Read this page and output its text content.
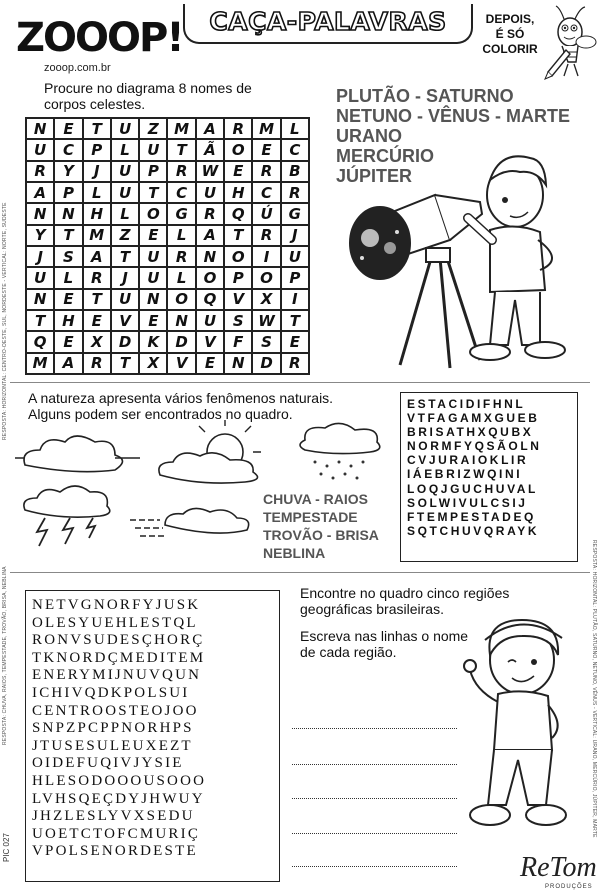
RESPOSTA: HORIZONTAL: CENTRO-OESTE, SUL, NORDESTE - VERTICAL: NORTE, SUDESTE
RESPOSTA: CHUVA, RAIOS, TEMPESTADE, TROVÃO, BRISA, NEBLINA	RESPOSTA: HORIZONTAL: PLUTÃO, SATURNO, NETUNO, VÊNUS - VERTICAL: URANO, MERCÚRIO, JÚPITER, MARTE
ZOOOP!
zooop.com.br
CAÇA-PALAVRAS	DEPOIS,
É SÓ
COLORIR
Procure no diagrama 8 nomes de
corpos celestes.
N	E	T	U	Z	M	A	R	M	L
U	C	P	L	U	T	Ã	O	E	C
R	Y	J	U	P	R W E	R	B
A	P	L	U	T	C	U	H	C	R
N	N	H	L	O	G	R	Q	Ú	G
Y	T	M	Z	E	L	A	T	R	J
J	S	A	T	U	R	N	O	I	U
U	L	R	J	U	L	O	P	O	P
N	E	T	U	N	O	Q	V	X	I
T	H	E	V	E	N	U	S W T
Q	E	X	D	K	D	V	F	S	E
M	A	R	T	X	V	E	N	D	R
PLUTÃO - SATURNO
NETUNO - VÊNUS - MARTE
URANO
MERCÚRIO
JÚPITER
A natureza apresenta vários fenômenos naturais.
Alguns podem ser encontrados no quadro.
CHUVA - RAIOS
TEMPESTADE
TROVÃO - BRISA
NEBLINA
ESTACIDIFHNL
VTFAGAMXGUEB
BRISATHXQUBX
NORMFYQSÃOLN
CVJURAIOKLIR
IÁEBRIZWQINI
LOQJGUCHUVAL
SOLWIVULCSIJ
FTEMPESTADEQ
SQTCHUVQRAYK
NETVGNORFYJUSK
OLESYUEHLESTQL
RONVSUDESÇHORÇ
TKNORDÇMEDITEM
ENERYMIJNUVQUN
ICHIVQDKPOLSUI
CENTROOSTEOJOO
SNPZPCPPNORHPS
JTUSESULEUXEZT
OIDEFUQIVJYSIE
HLESODOOOUSOOO
LVHSQEÇDYJHWUY
JHZLESLYVXSEDU
UOETCTOFCMURIÇ
VPOLSENORDESTE
Encontre no quadro cinco regiões
geográficas brasileiras.
Escreva nas linhas o nome
de cada região.
ReTom
PRODUÇÕES
PIC 027
